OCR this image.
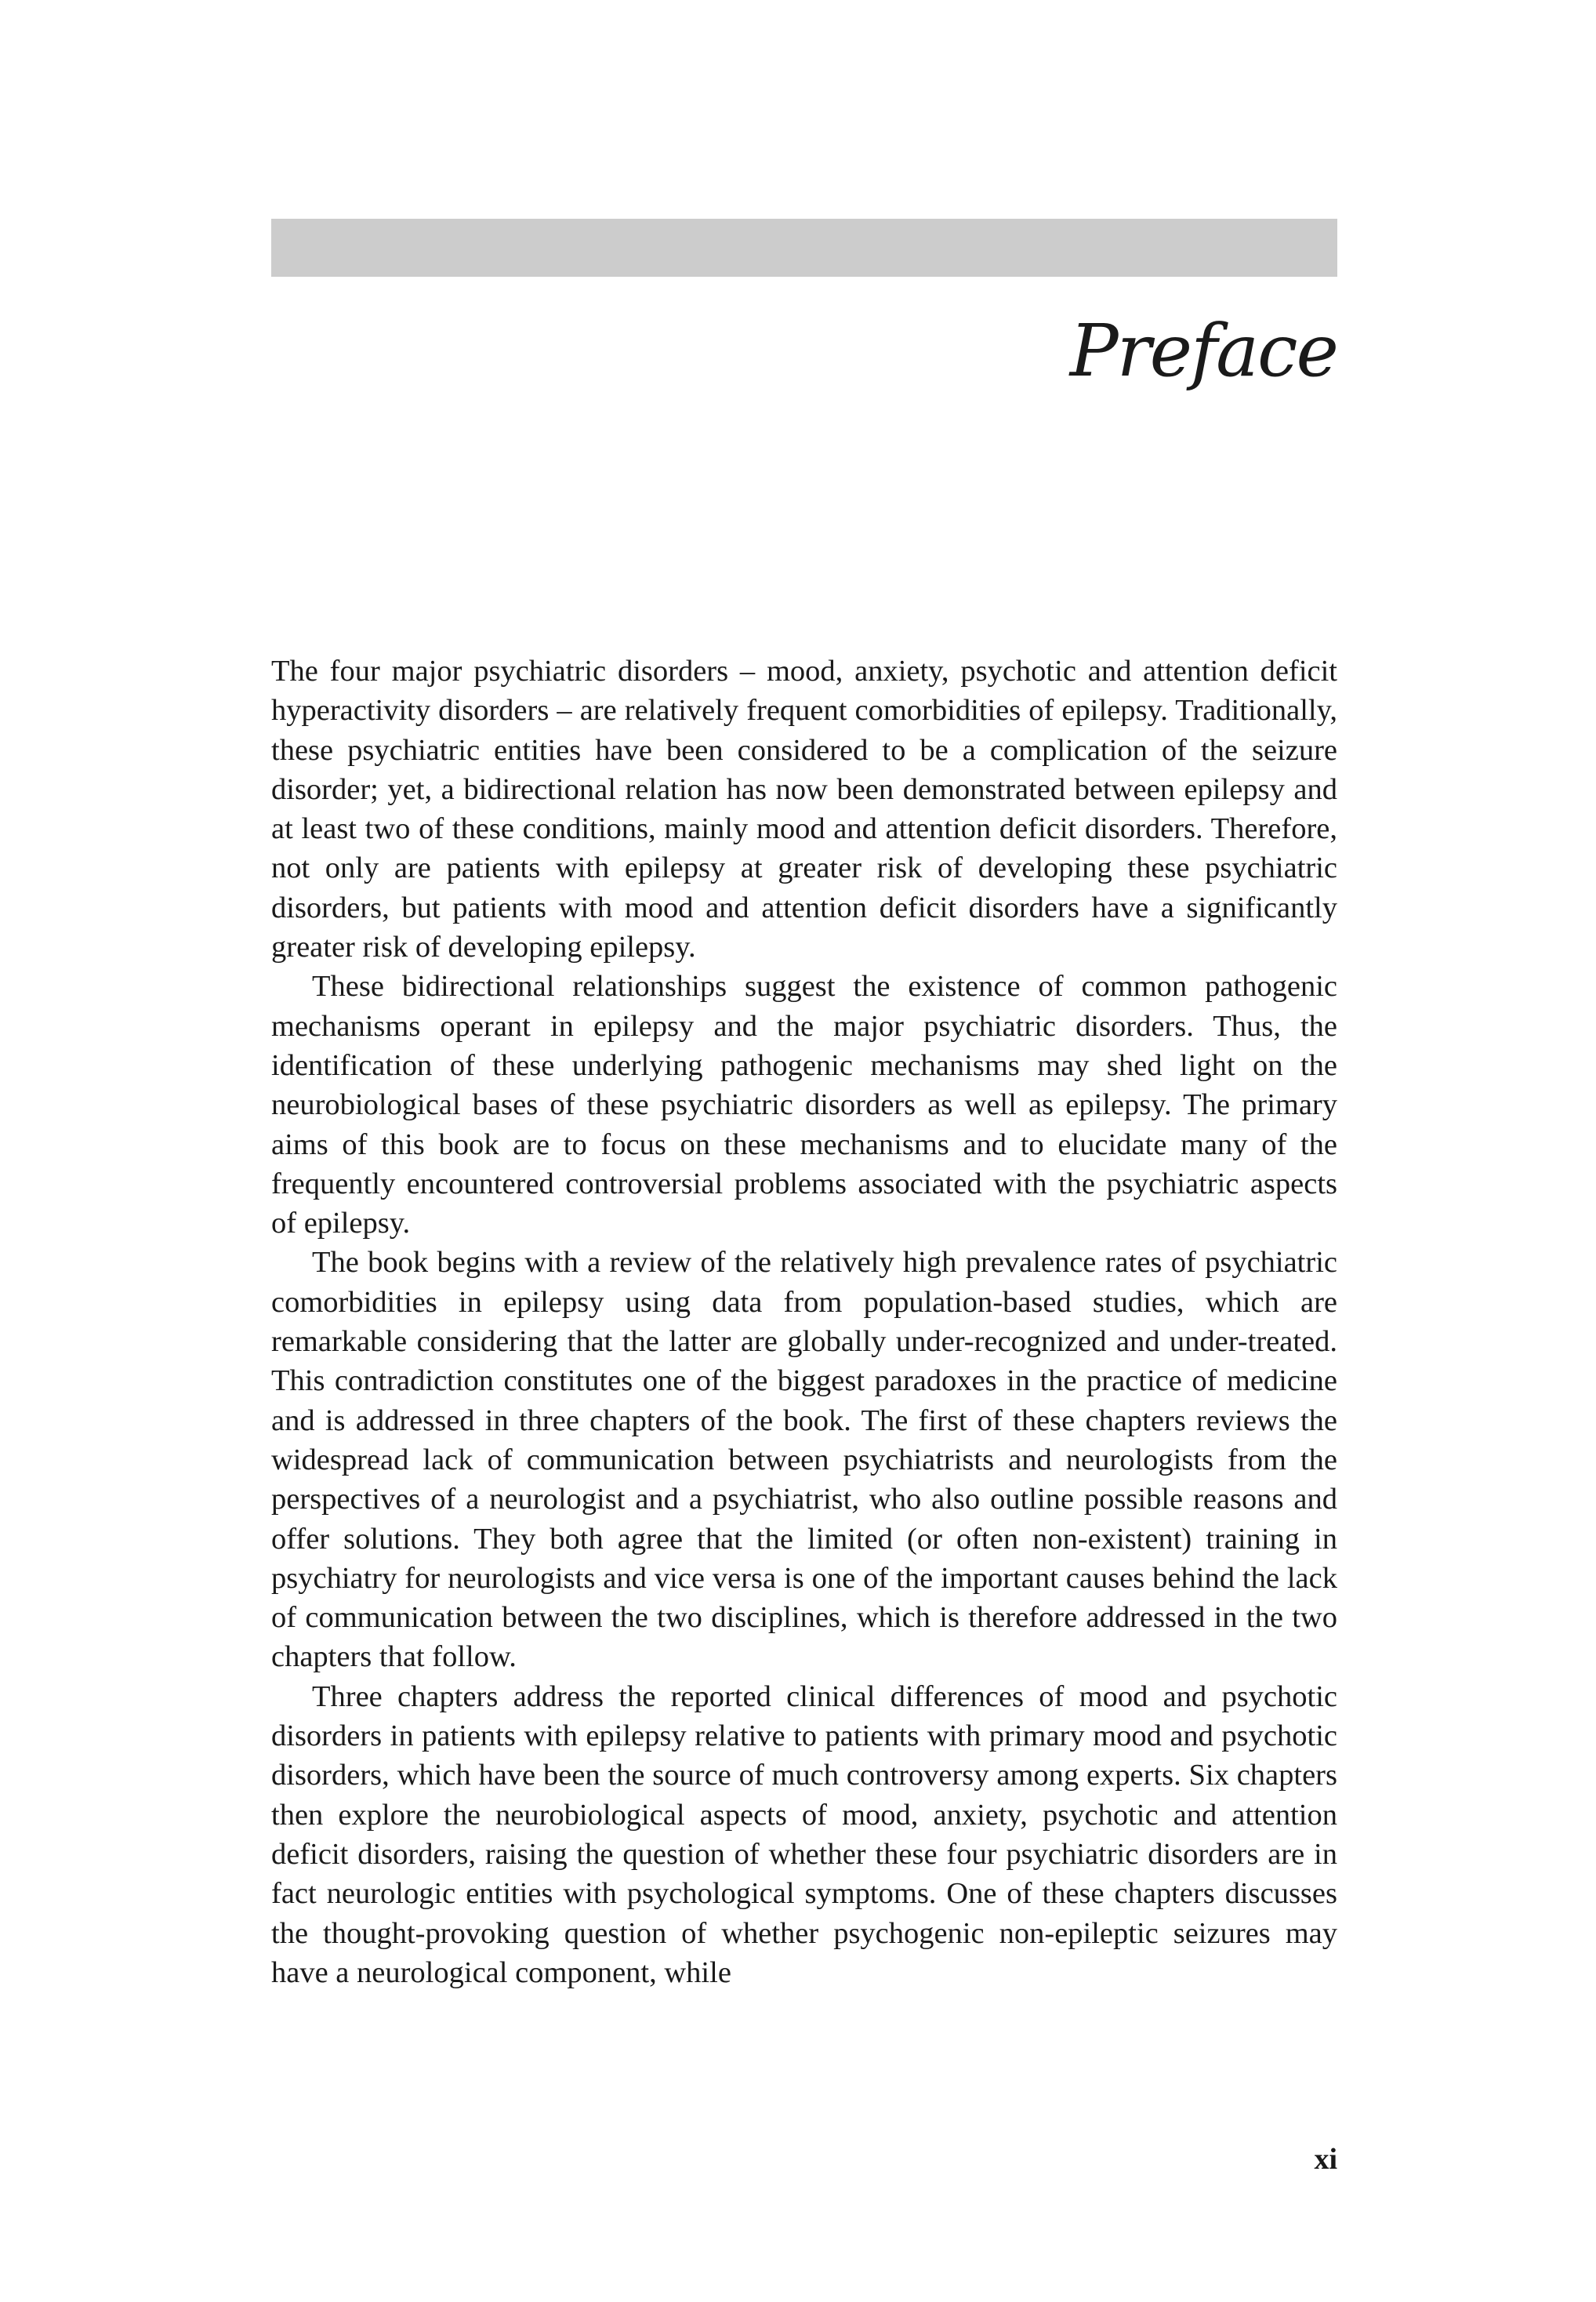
Preface

The four major psychiatric disorders – mood, anxiety, psychotic and attention deficit hyperactivity disorders – are relatively frequent comorbidities of epilepsy. Traditionally, these psychiatric entities have been considered to be a complication of the seizure disorder; yet, a bidirectional relation has now been demonstrated between epilepsy and at least two of these conditions, mainly mood and attention deficit disorders. Therefore, not only are patients with epilepsy at greater risk of developing these psychiatric disorders, but patients with mood and attention deficit disorders have a significantly greater risk of developing epilepsy.

These bidirectional relationships suggest the existence of common pathogenic mechanisms operant in epilepsy and the major psychiatric disorders. Thus, the identification of these underlying pathogenic mechanisms may shed light on the neurobiological bases of these psychiatric disorders as well as epilepsy. The primary aims of this book are to focus on these mechanisms and to elucidate many of the frequently encountered controversial problems associated with the psychiatric aspects of epilepsy.

The book begins with a review of the relatively high prevalence rates of psychiatric comorbidities in epilepsy using data from population-based studies, which are remarkable considering that the latter are globally under-recognized and under-treated. This contradiction constitutes one of the biggest paradoxes in the practice of medicine and is addressed in three chapters of the book. The first of these chapters reviews the widespread lack of communication between psychiatrists and neurologists from the perspectives of a neurologist and a psychiatrist, who also outline possible reasons and offer solutions. They both agree that the limited (or often non-existent) training in psychiatry for neurologists and vice versa is one of the important causes behind the lack of communication between the two disciplines, which is therefore addressed in the two chapters that follow.

Three chapters address the reported clinical differences of mood and psychotic disorders in patients with epilepsy relative to patients with primary mood and psychotic disorders, which have been the source of much controversy among experts. Six chapters then explore the neurobiological aspects of mood, anxiety, psychotic and attention deficit disorders, raising the question of whether these four psychiatric disorders are in fact neurologic entities with psychological symptoms. One of these chapters discusses the thought-provoking question of whether psychogenic non-epileptic seizures may have a neurological component, while

xi
